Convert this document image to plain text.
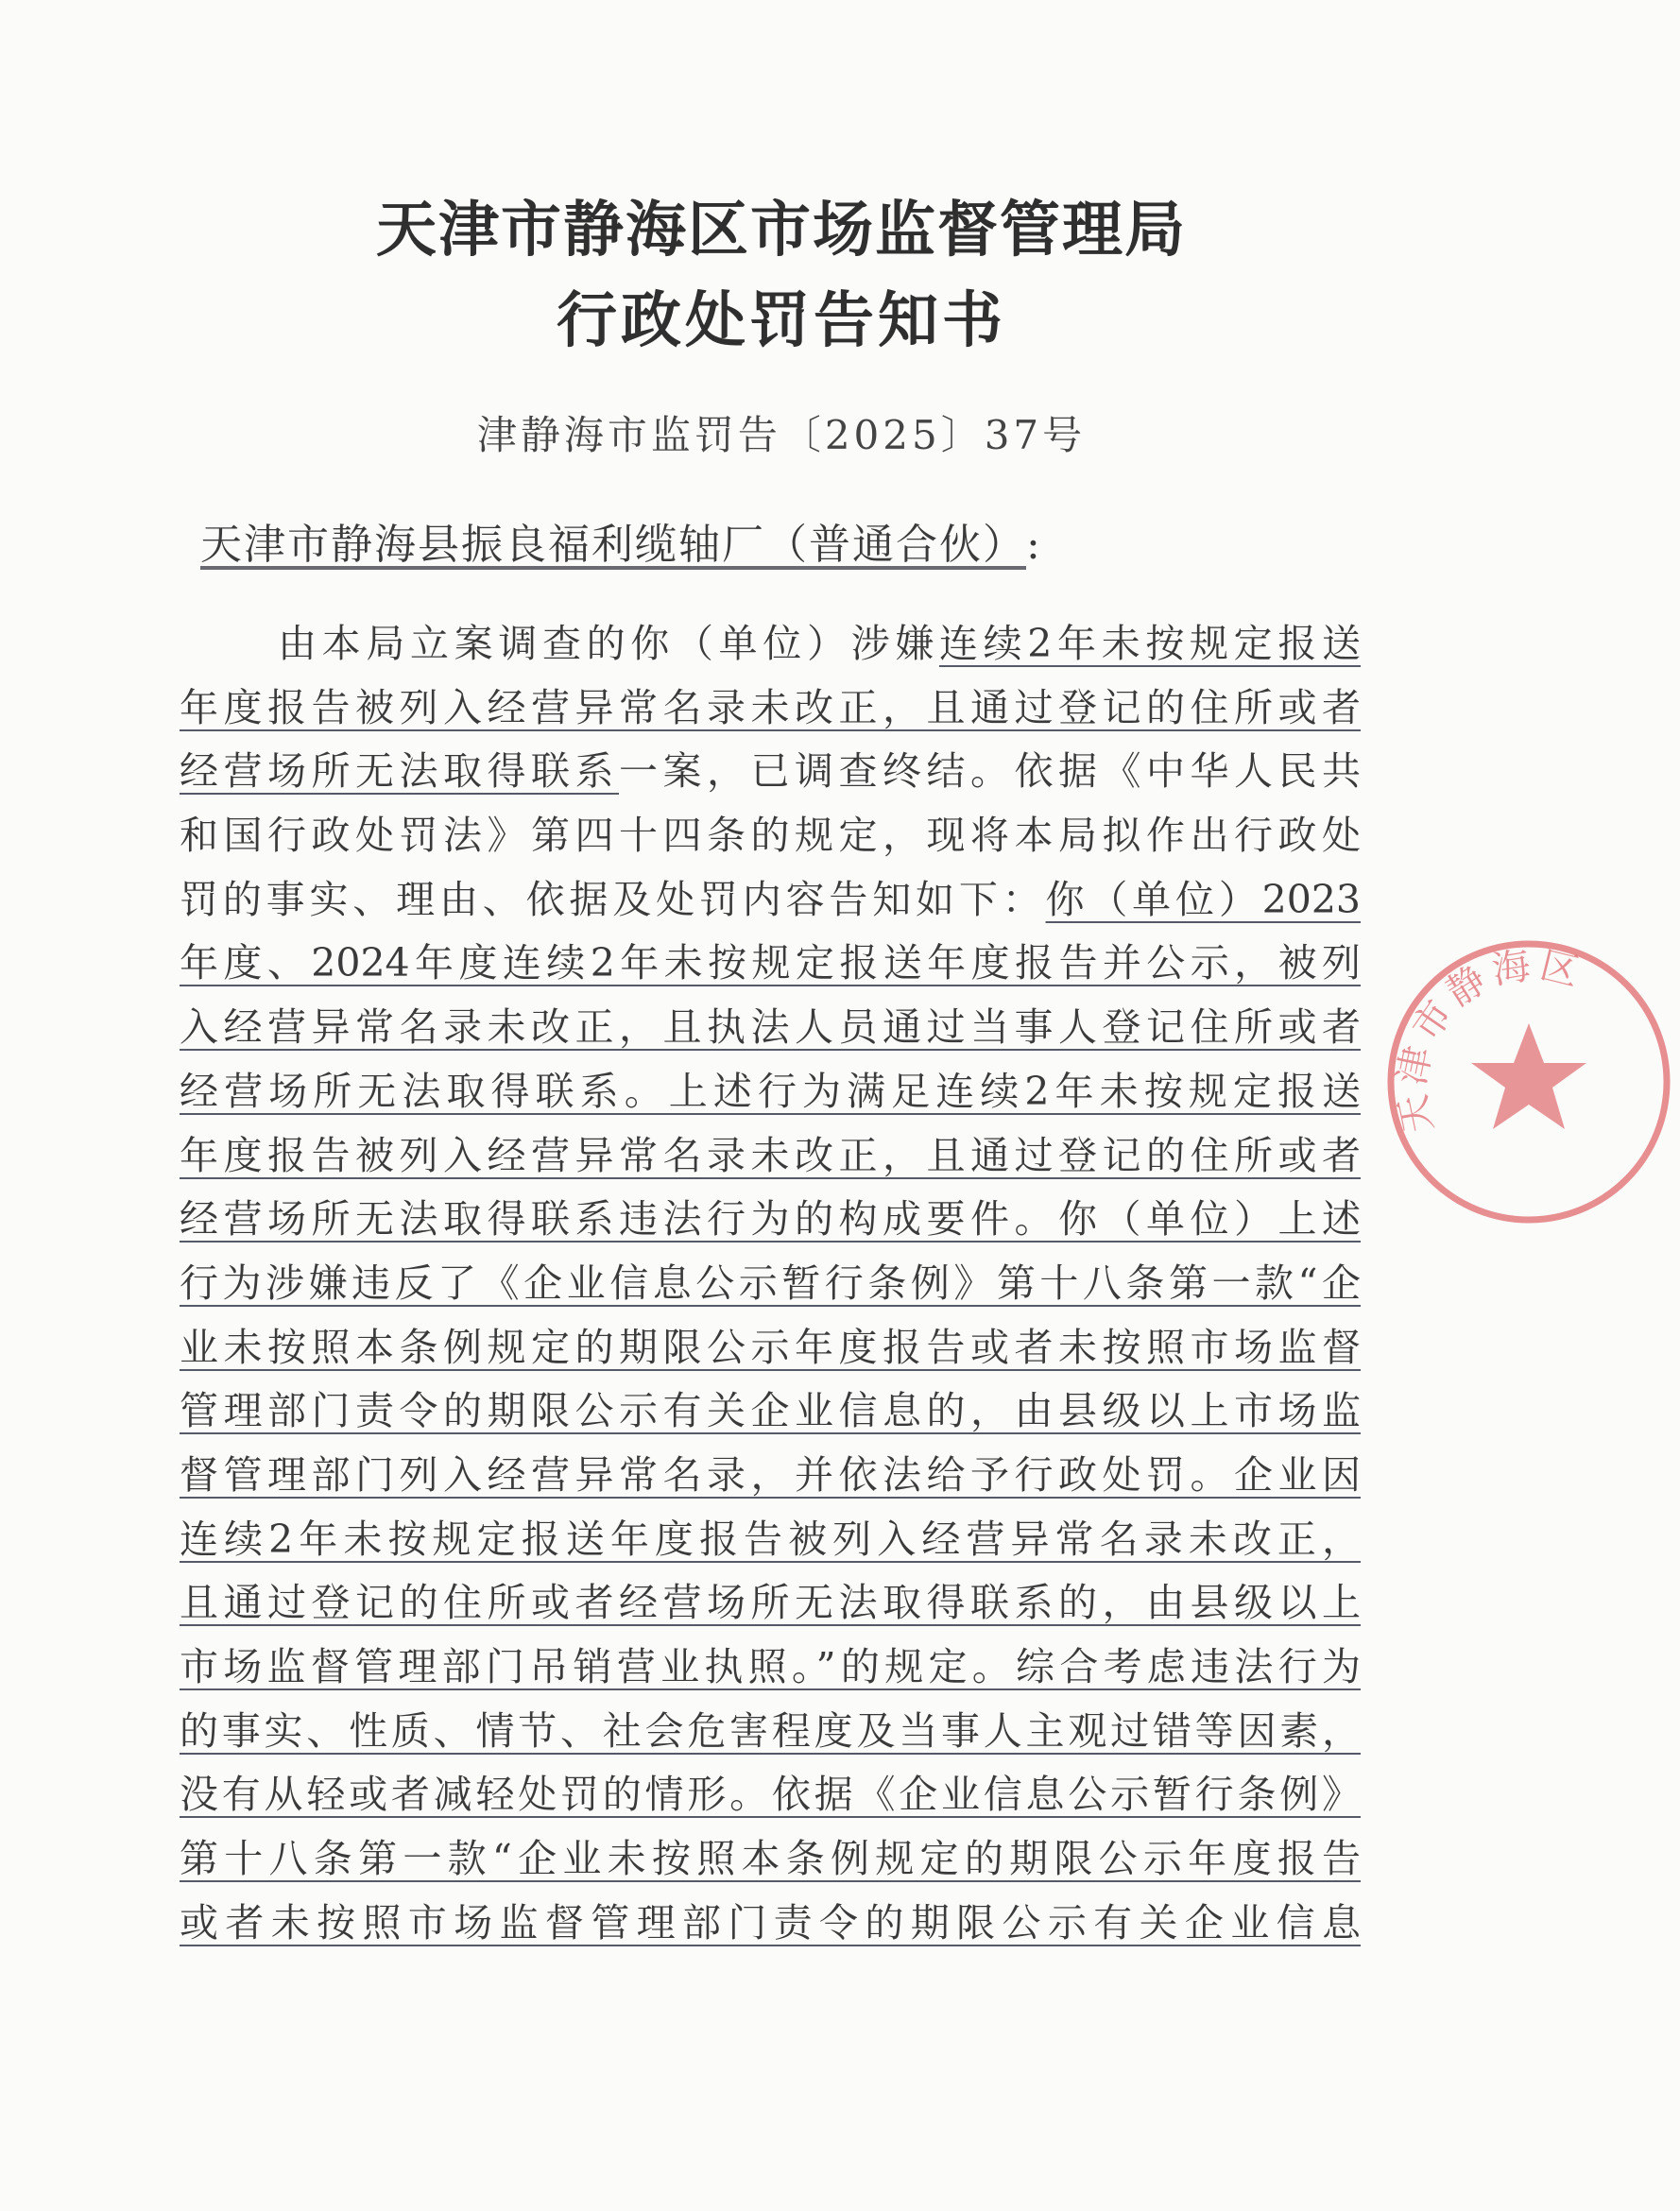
天津市静海区市场监督管理局
行政处罚告知书
津静海市监罚告〔2025〕37号
天津市静海县振良福利缆轴厂（普通合伙）:
由本局立案调查的你（单位）涉嫌连续2年未按规定报送
年度报告被列入经营异常名录未改正，且通过登记的住所或者
经营场所无法取得联系一案，已调查终结。依据《中华人民共
和国行政处罚法》第四十四条的规定，现将本局拟作出行政处
罚的事实、理由、依据及处罚内容告知如下：你（单位）2023
年度、2024年度连续2年未按规定报送年度报告并公示，被列
入经营异常名录未改正，且执法人员通过当事人登记住所或者
经营场所无法取得联系。上述行为满足连续2年未按规定报送
年度报告被列入经营异常名录未改正，且通过登记的住所或者
经营场所无法取得联系违法行为的构成要件。你（单位）上述
行为涉嫌违反了《企业信息公示暂行条例》第十八条第一款“企
业未按照本条例规定的期限公示年度报告或者未按照市场监督
管理部门责令的期限公示有关企业信息的，由县级以上市场监
督管理部门列入经营异常名录，并依法给予行政处罚。企业因
连续2年未按规定报送年度报告被列入经营异常名录未改正，
且通过登记的住所或者经营场所无法取得联系的，由县级以上
市场监督管理部门吊销营业执照。”的规定。综合考虑违法行为
的事实、性质、情节、社会危害程度及当事人主观过错等因素，
没有从轻或者减轻处罚的情形。依据《企业信息公示暂行条例》
第十八条第一款“企业未按照本条例规定的期限公示年度报告
或者未按照市场监督管理部门责令的期限公示有关企业信息
天津市静海区
